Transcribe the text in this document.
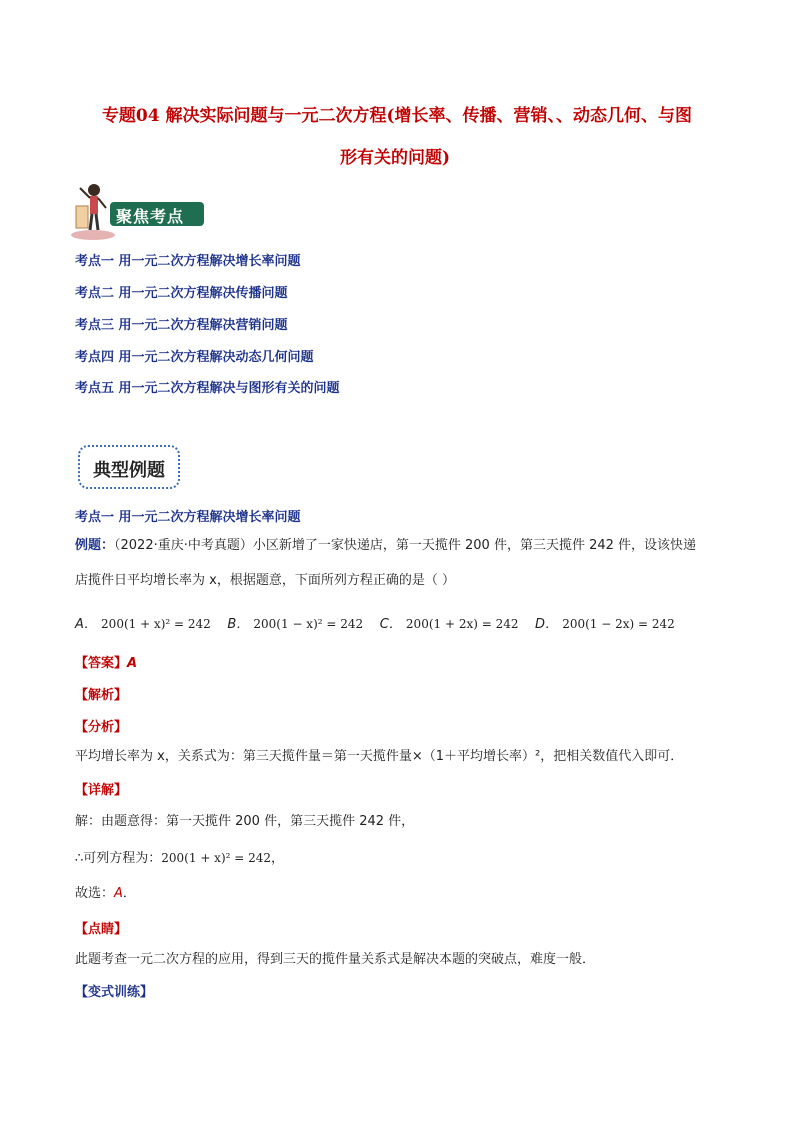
专题04 解决实际问题与一元二次方程(增长率、传播、营销、、动态几何、与图
形有关的问题)
聚焦考点
考点一 用一元二次方程解决增长率问题
考点二 用一元二次方程解决传播问题
考点三 用一元二次方程解决营销问题
考点四 用一元二次方程解决动态几何问题
考点五 用一元二次方程解决与图形有关的问题
典型例题
考点一 用一元二次方程解决增长率问题
例题：（2022·重庆·中考真题）小区新增了一家快递店，第一天揽件 200 件，第三天揽件 242 件，设该快递
店揽件日平均增长率为 x，根据题意，下面所列方程正确的是（ ）
A． 200(1 + x)² = 242 B． 200(1 − x)² = 242 C． 200(1 + 2x) = 242 D． 200(1 − 2x) = 242
【答案】A
【解析】
【分析】
平均增长率为 x，关系式为：第三天揽件量＝第一天揽件量×（1＋平均增长率）²，把相关数值代入即可．
【详解】
解：由题意得：第一天揽件 200 件，第三天揽件 242 件，
∴可列方程为：200(1 + x)² = 242，
故选：A．
【点睛】
此题考查一元二次方程的应用，得到三天的揽件量关系式是解决本题的突破点，难度一般．
【变式训练】
